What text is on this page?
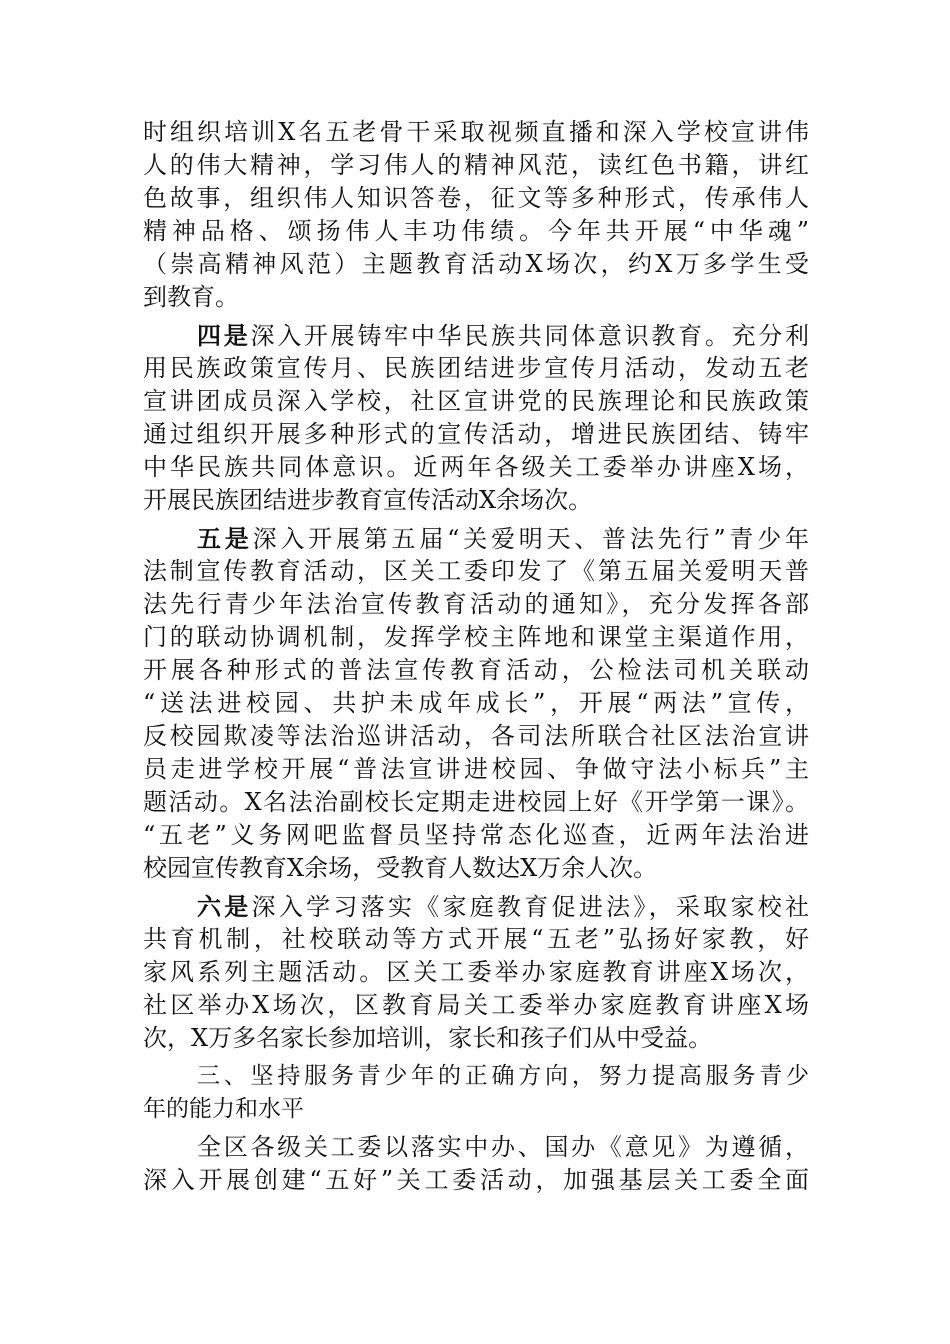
时组织培训X名五老骨干采取视频直播和深入学校宣讲伟
人的伟大精神，学习伟人的精神风范，读红色书籍，讲红
色故事，组织伟人知识答卷，征文等多种形式，传承伟人
精神品格、颂扬伟人丰功伟绩。今年共开展“中华魂”
（崇高精神风范）主题教育活动X场次，约X万多学生受
到教育。
四是深入开展铸牢中华民族共同体意识教育。充分利
用民族政策宣传月、民族团结进步宣传月活动，发动五老
宣讲团成员深入学校，社区宣讲党的民族理论和民族政策
通过组织开展多种形式的宣传活动，增进民族团结、铸牢
中华民族共同体意识。近两年各级关工委举办讲座X场，
开展民族团结进步教育宣传活动X余场次。
五是深入开展第五届“关爱明天、普法先行”青少年
法制宣传教育活动，区关工委印发了《第五届关爱明天普
法先行青少年法治宣传教育活动的通知》，充分发挥各部
门的联动协调机制，发挥学校主阵地和课堂主渠道作用，
开展各种形式的普法宣传教育活动，公检法司机关联动
“送法进校园、共护未成年成长”，开展“两法”宣传，
反校园欺凌等法治巡讲活动，各司法所联合社区法治宣讲
员走进学校开展“普法宣讲进校园、争做守法小标兵”主
题活动。X名法治副校长定期走进校园上好《开学第一课》。
“五老”义务网吧监督员坚持常态化巡查，近两年法治进
校园宣传教育X余场，受教育人数达X万余人次。
六是深入学习落实《家庭教育促进法》，采取家校社
共育机制，社校联动等方式开展“五老”弘扬好家教，好
家风系列主题活动。区关工委举办家庭教育讲座X场次，
社区举办X场次，区教育局关工委举办家庭教育讲座X场
次，X万多名家长参加培训，家长和孩子们从中受益。
三、坚持服务青少年的正确方向，努力提高服务青少
年的能力和水平
全区各级关工委以落实中办、国办《意见》为遵循，
深入开展创建“五好”关工委活动，加强基层关工委全面
